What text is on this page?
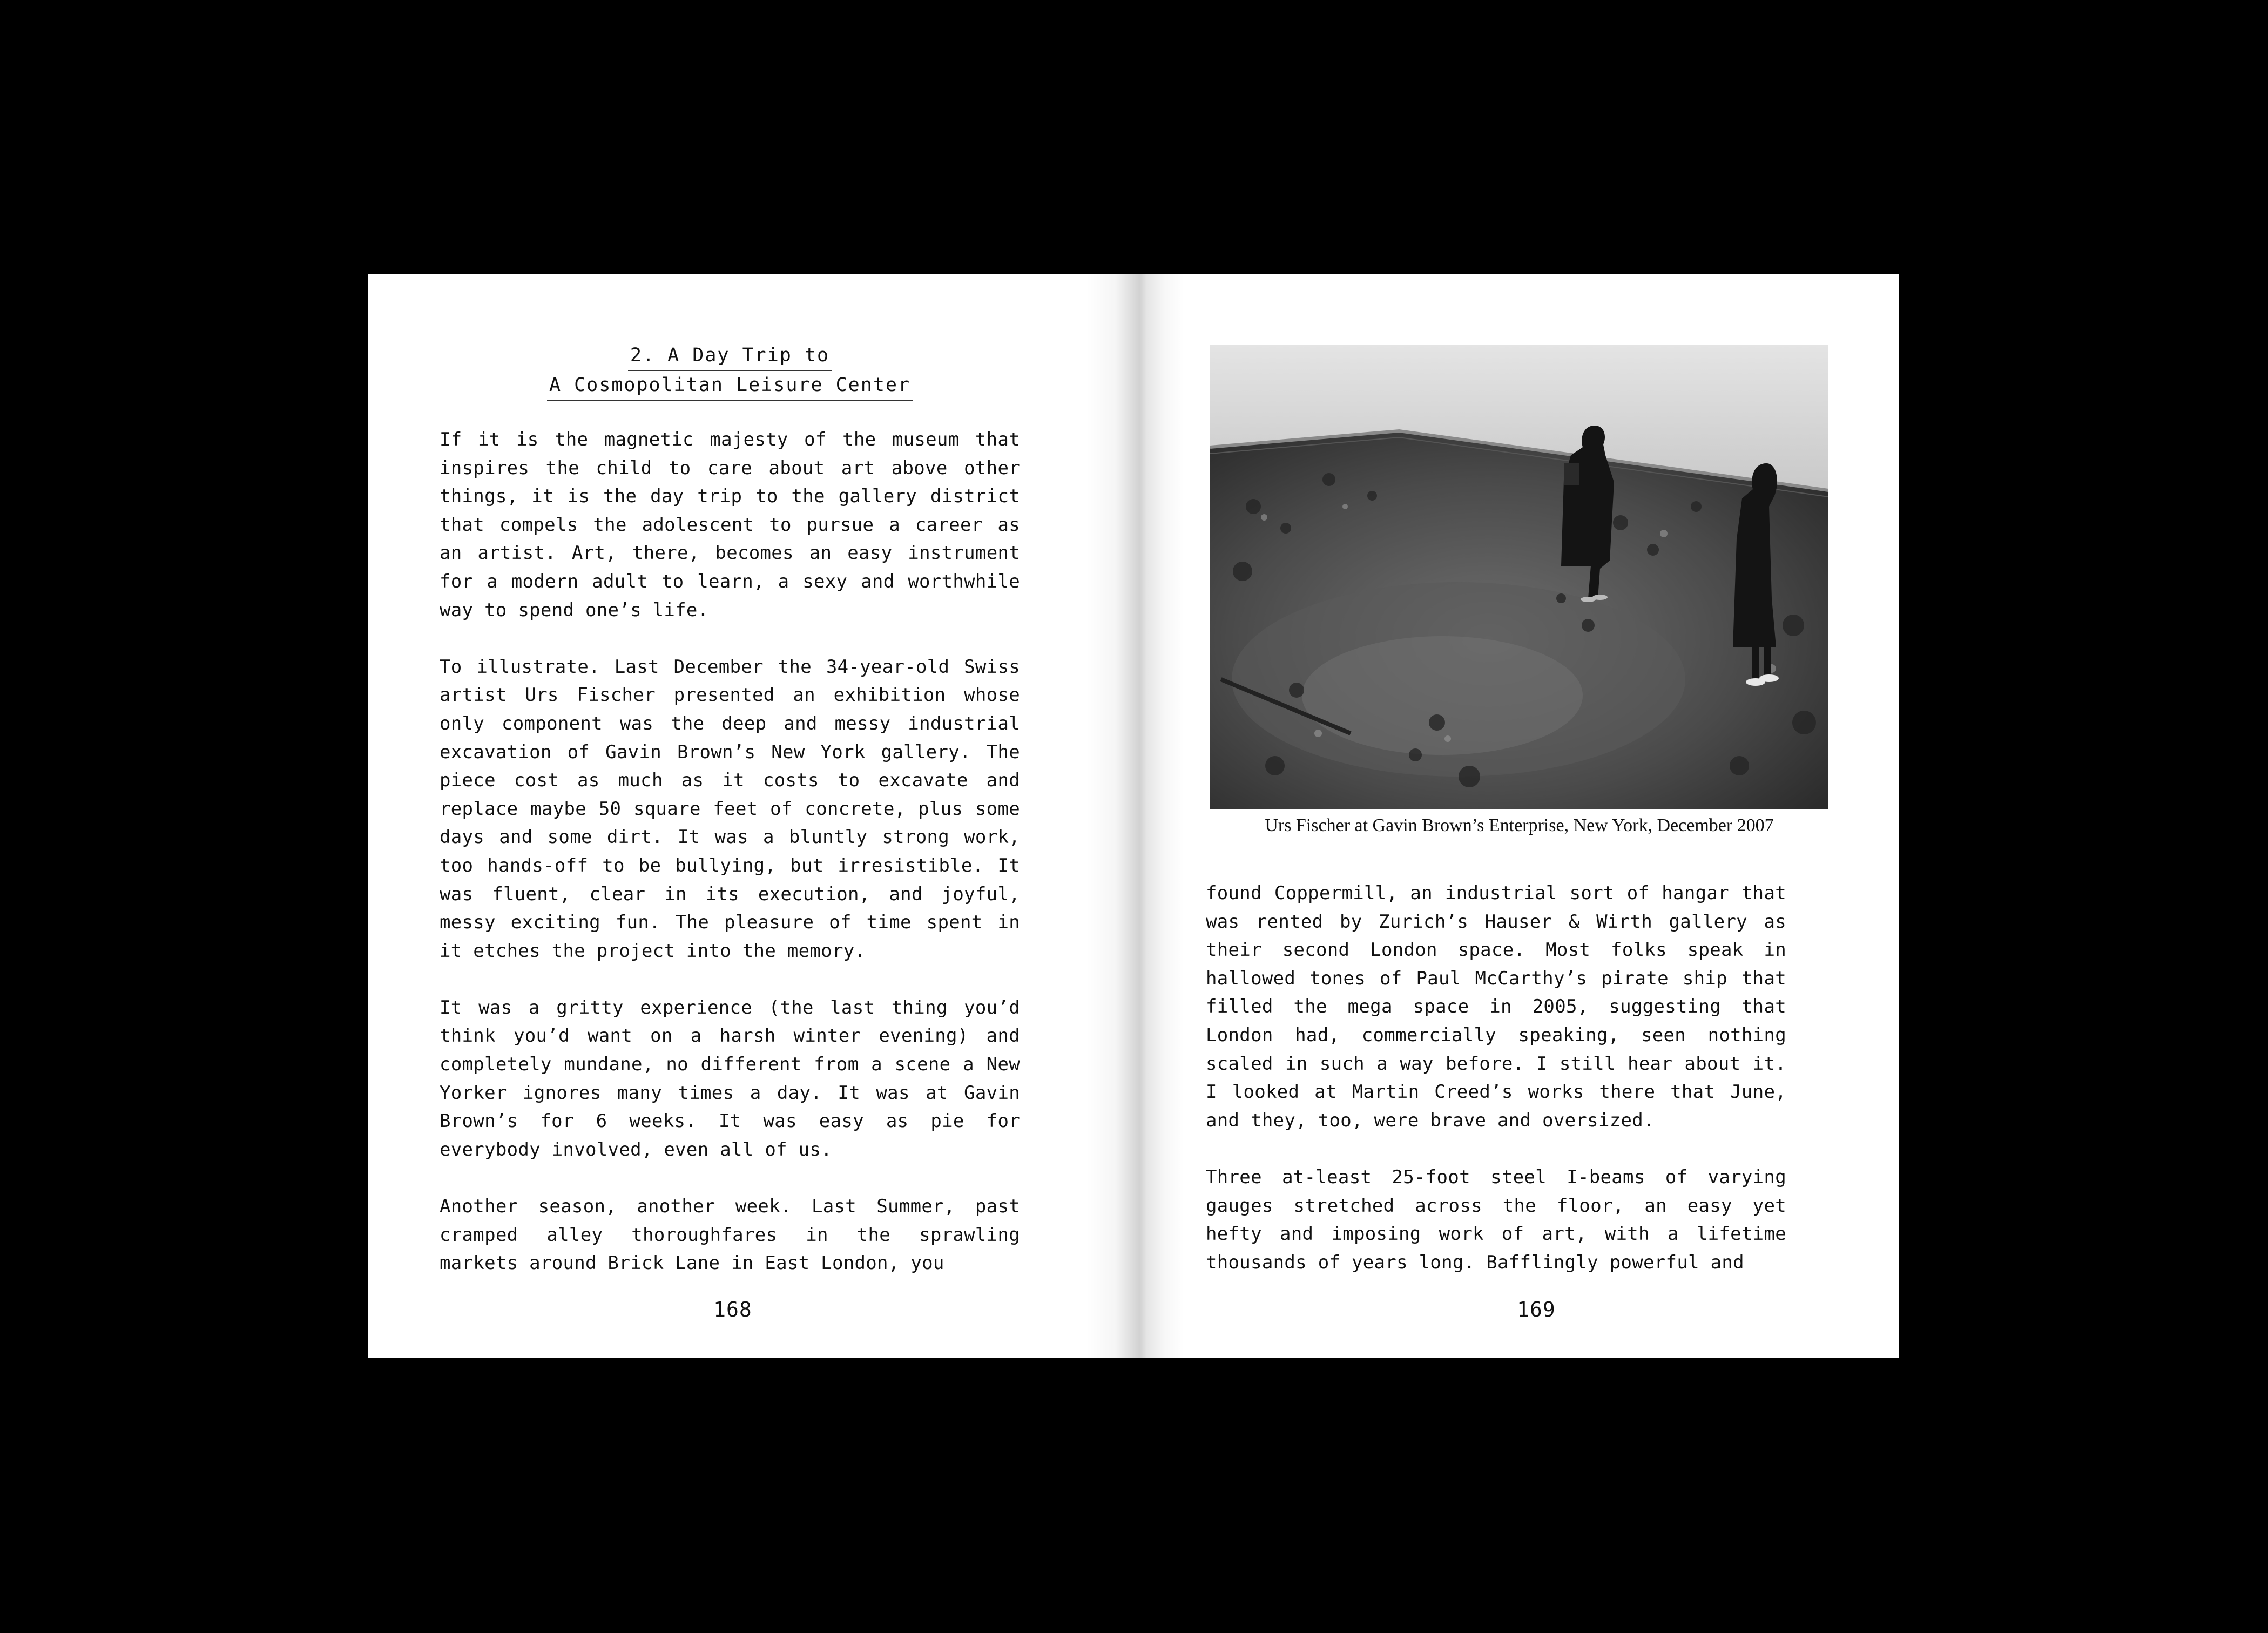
2. A Day Trip to
A Cosmopolitan Leisure Center

If it is the magnetic majesty of the museum that inspires the child to care about art above other things, it is the day trip to the gallery district that compels the adolescent to pursue a career as an artist. Art, there, becomes an easy instrument for a modern adult to learn, a sexy and worthwhile way to spend one’s life.

To illustrate. Last December the 34-year-old Swiss artist Urs Fischer presented an exhibition whose only component was the deep and messy industrial excavation of Gavin Brown’s New York gallery. The piece cost as much as it costs to excavate and replace maybe 50 square feet of concrete, plus some days and some dirt. It was a bluntly strong work, too hands-off to be bullying, but irresistible. It was fluent, clear in its execution, and joyful, messy exciting fun. The pleasure of time spent in it etches the project into the memory.

It was a gritty experience (the last thing you’d think you’d want on a harsh winter evening) and completely mundane, no different from a scene a New Yorker ignores many times a day. It was at Gavin Brown’s for 6 weeks. It was easy as pie for everybody involved, even all of us.

Another season, another week. Last Summer, past cramped alley thoroughfares in the sprawling markets around Brick Lane in East London, you

168
Urs Fischer at Gavin Brown’s Enterprise, New York, December 2007

found Coppermill, an industrial sort of hangar that was rented by Zurich’s Hauser & Wirth gallery as their second London space. Most folks speak in hallowed tones of Paul McCarthy’s pirate ship that filled the mega space in 2005, suggesting that London had, commercially speaking, seen nothing scaled in such a way before. I still hear about it. I looked at Martin Creed’s works there that June, and they, too, were brave and oversized.

Three at-least 25-foot steel I-beams of varying gauges stretched across the floor, an easy yet hefty and imposing work of art, with a lifetime thousands of years long. Bafflingly powerful and

169
